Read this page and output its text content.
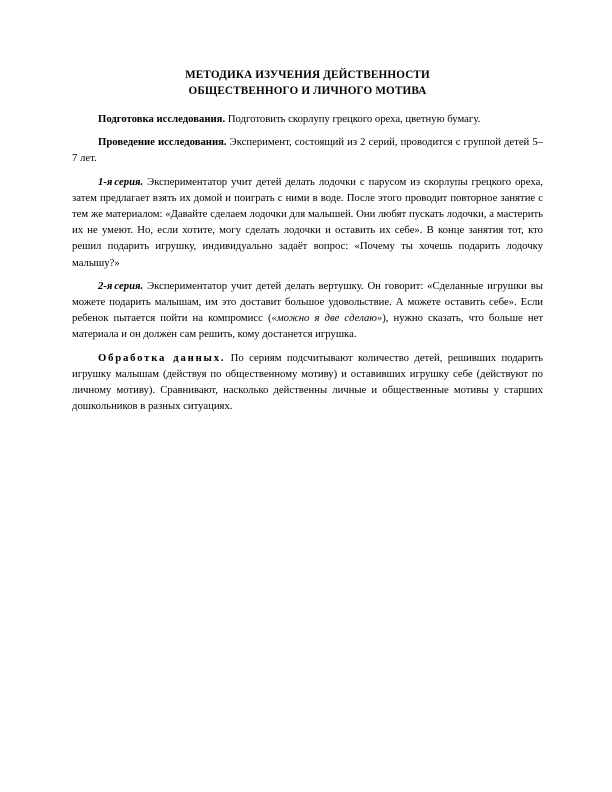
МЕТОДИКА ИЗУЧЕНИЯ ДЕЙСТВЕННОСТИ
ОБЩЕСТВЕННОГО И ЛИЧНОГО МОТИВА

Подготовка исследования. Подготовить скорлупу грецкого ореха, цветную бумагу.

Проведение исследования. Эксперимент, состоящий из 2 серий, проводится с группой детей 5–7 лет.

1-я серия. Экспериментатор учит детей делать лодочки с парусом из скорлупы грецкого ореха, затем предлагает взять их домой и поиграть с ними в воде. После этого проводит повторное занятие с тем же материалом: «Давайте сделаем лодочки для малышей. Они любят пускать лодочки, а мастерить их не умеют. Но, если хотите, могу сделать лодочки и оставить их себе». В конце занятия тот, кто решил подарить игрушку, индивидуально задаёт вопрос: «Почему ты хочешь подарить лодочку малышу?»

2-я серия. Экспериментатор учит детей делать вертушку. Он говорит: «Сделанные игрушки вы можете подарить малышам, им это доставит большое удовольствие. А можете оставить себе». Если ребенок пытается пойти на компромисс («можно я две сделаю»), нужно сказать, что больше нет материала и он должен сам решить, кому достанется игрушка.

Обработка данных. По сериям подсчитывают количество детей, решивших подарить игрушку малышам (действуя по общественному мотиву) и оставивших игрушку себе (действуют по личному мотиву). Сравнивают, насколько действенны личные и общественные мотивы у старших дошкольников в разных ситуациях.
